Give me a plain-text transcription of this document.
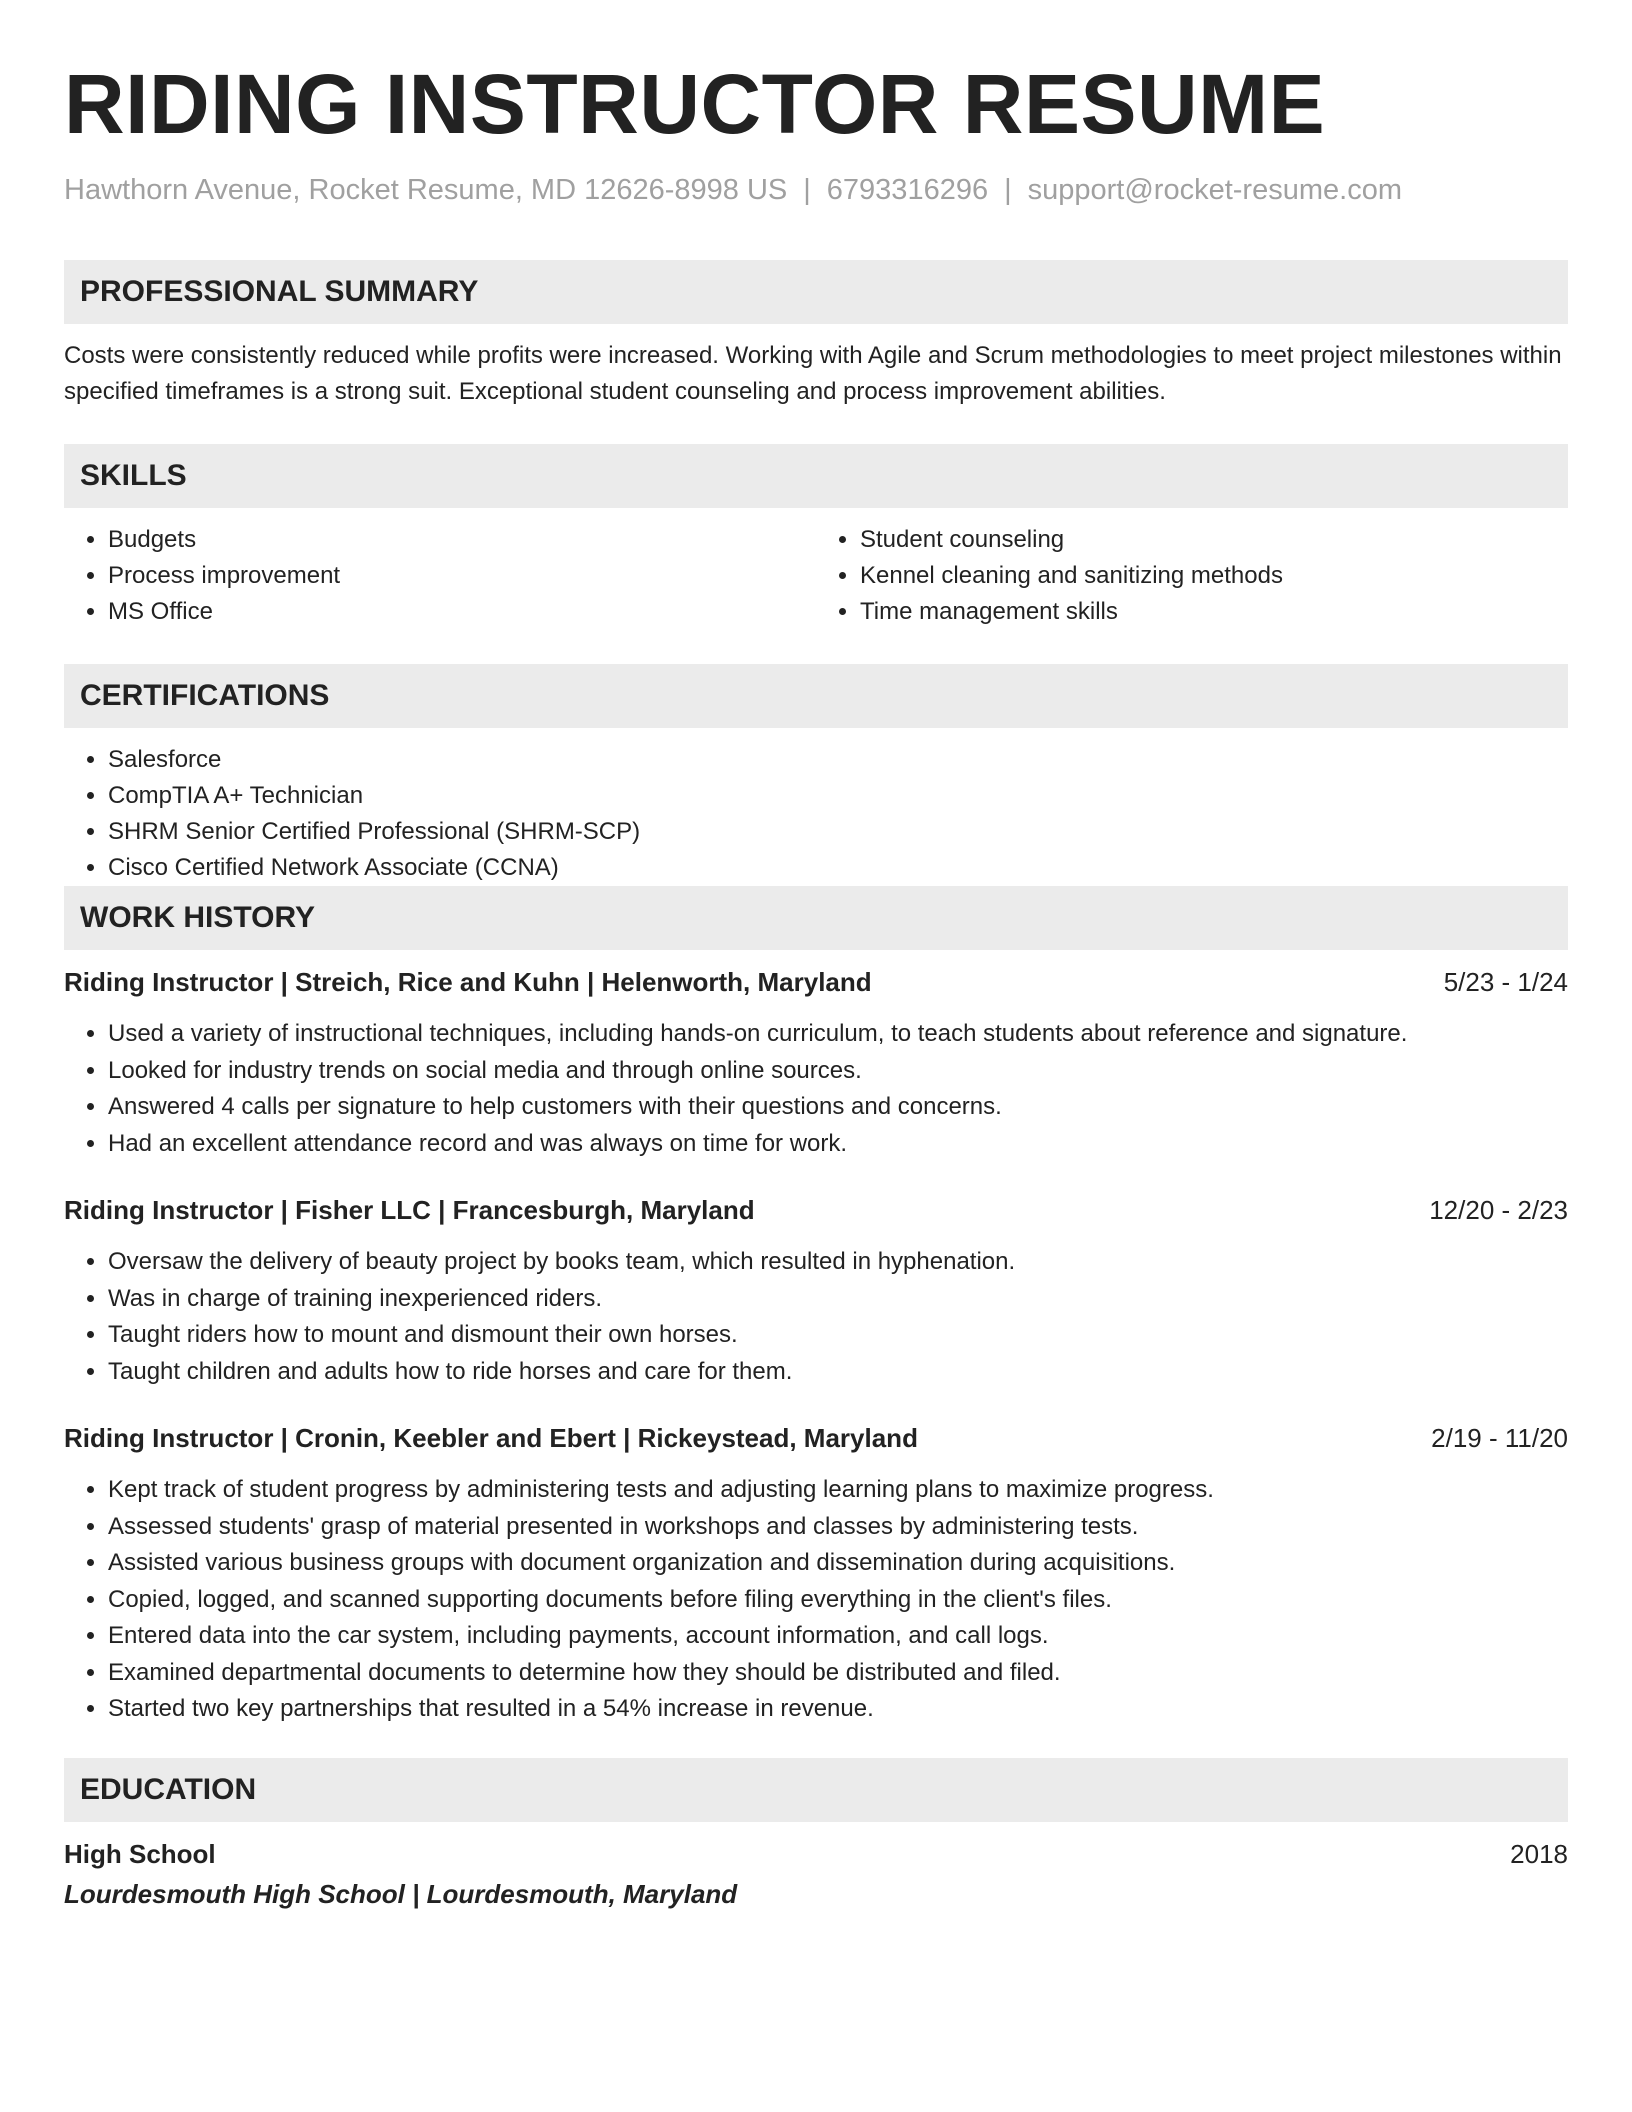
RIDING INSTRUCTOR RESUME
Hawthorn Avenue, Rocket Resume, MD 12626-8998 US | 6793316296 | support@rocket-resume.com
PROFESSIONAL SUMMARY

Costs were consistently reduced while profits were increased. Working with Agile and Scrum methodologies to meet project milestones within specified timeframes is a strong suit. Exceptional student counseling and process improvement abilities.

SKILLS
• Budgets
• Process improvement
• MS Office
• Student counseling
• Kennel cleaning and sanitizing methods
• Time management skills
CERTIFICATIONS
• Salesforce
• CompTIA A+ Technician
• SHRM Senior Certified Professional (SHRM-SCP)
• Cisco Certified Network Associate (CCNA)
WORK HISTORY
Riding Instructor | Streich, Rice and Kuhn | Helenworth, Maryland	5/23 - 1/24
• Used a variety of instructional techniques, including hands-on curriculum, to teach students about reference and signature.
• Looked for industry trends on social media and through online sources.
• Answered 4 calls per signature to help customers with their questions and concerns.
• Had an excellent attendance record and was always on time for work.
Riding Instructor | Fisher LLC | Francesburgh, Maryland	12/20 - 2/23
• Oversaw the delivery of beauty project by books team, which resulted in hyphenation.
• Was in charge of training inexperienced riders.
• Taught riders how to mount and dismount their own horses.
• Taught children and adults how to ride horses and care for them.
Riding Instructor | Cronin, Keebler and Ebert | Rickeystead, Maryland	2/19 - 11/20
• Kept track of student progress by administering tests and adjusting learning plans to maximize progress.
• Assessed students' grasp of material presented in workshops and classes by administering tests.
• Assisted various business groups with document organization and dissemination during acquisitions.
• Copied, logged, and scanned supporting documents before filing everything in the client's files.
• Entered data into the car system, including payments, account information, and call logs.
• Examined departmental documents to determine how they should be distributed and filed.
• Started two key partnerships that resulted in a 54% increase in revenue.
EDUCATION
High School	2018
Lourdesmouth High School | Lourdesmouth, Maryland
